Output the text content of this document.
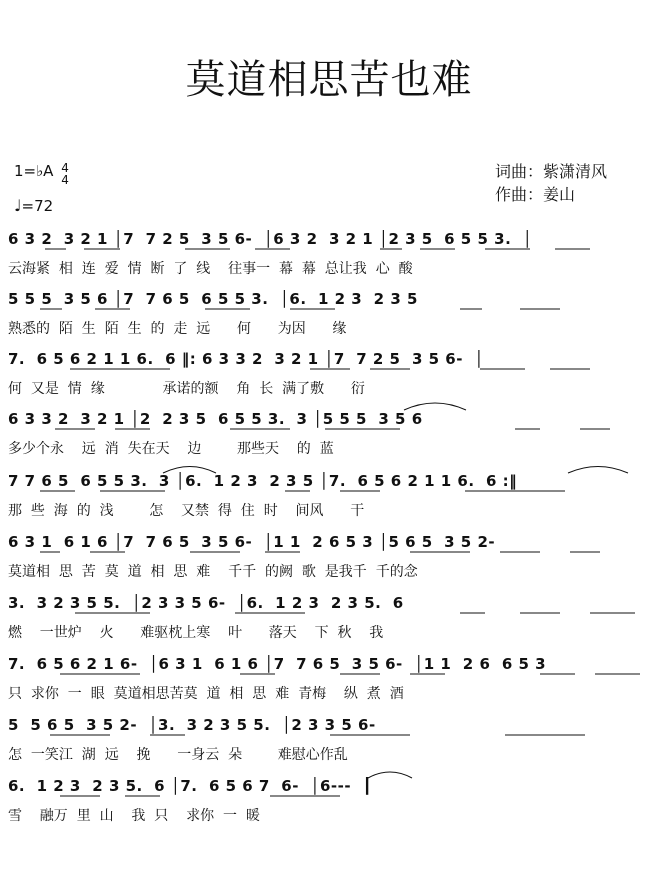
莫道相思苦也难
1=♭A 4
4
♩=72
词曲：紫潇清风
作曲：姜山
6 3 2  3 2 1 │7  7 2 5  3 5 6-  │6 3 2  3 2 1 │2 3 5  6 5 5 3.  │
云海紧  相  连  爱  情  断  了  线    往事一  幕  幕  总让我  心  酸
5 5 5  3 5 6 │7  7 6 5  6 5 5 3.  │6.  1 2 3  2 3 5
熟悉的  陌  生  陌  生  的  走  远      何      为因      缘
7.  6 5 6 2 1 1 6.  6 ‖: 6 3 3 2  3 2 1 │7  7 2 5  3 5 6-  │
何  又是  情  缘             承诺的额    角  长  满了敷      衍
6 3 3 2  3 2 1 │2  2 3 5  6 5 5 3.  3 │5 5 5  3 5 6
多少个永    远  消  失在天    边        那些天    的  蓝
7 7 6 5  6 5 5 3.  3 │6.  1 2 3  2 3 5 │7.  6 5 6 2 1 1 6.  6 :‖
那  些  海  的  浅        怎    又禁  得  住  时    间风      干
6 3 1  6 1 6 │7  7 6 5  3 5 6-  │1 1  2 6 5 3 │5 6 5  3 5 2-
莫道相  思  苦  莫  道  相  思  难    千千  的阙  歌  是我千  千的念
3.  3 2 3 5 5.  │2 3 3 5 6-  │6.  1 2 3  2 3 5.  6
燃    一世炉    火      难驱枕上寒    叶      落天    下  秋    我
7.  6 5 6 2 1 6-  │6 3 1  6 1 6 │7  7 6 5  3 5 6-  │1 1  2 6  6 5 3
只  求你  一  眼  莫道相思苦莫  道  相  思  难  青梅    纵  煮  酒
5  5 6 5  3 5 2-  │3.  3 2 3 5 5.  │2 3 3 5 6-
怎  一笑江  湖  远    挽      一身云  朵        难慰心作乱
6.  1 2 3  2 3 5.  6 │7.  6 5 6 7  6-  │6---  ┃
雪    融万  里  山    我  只    求你  一  暖
